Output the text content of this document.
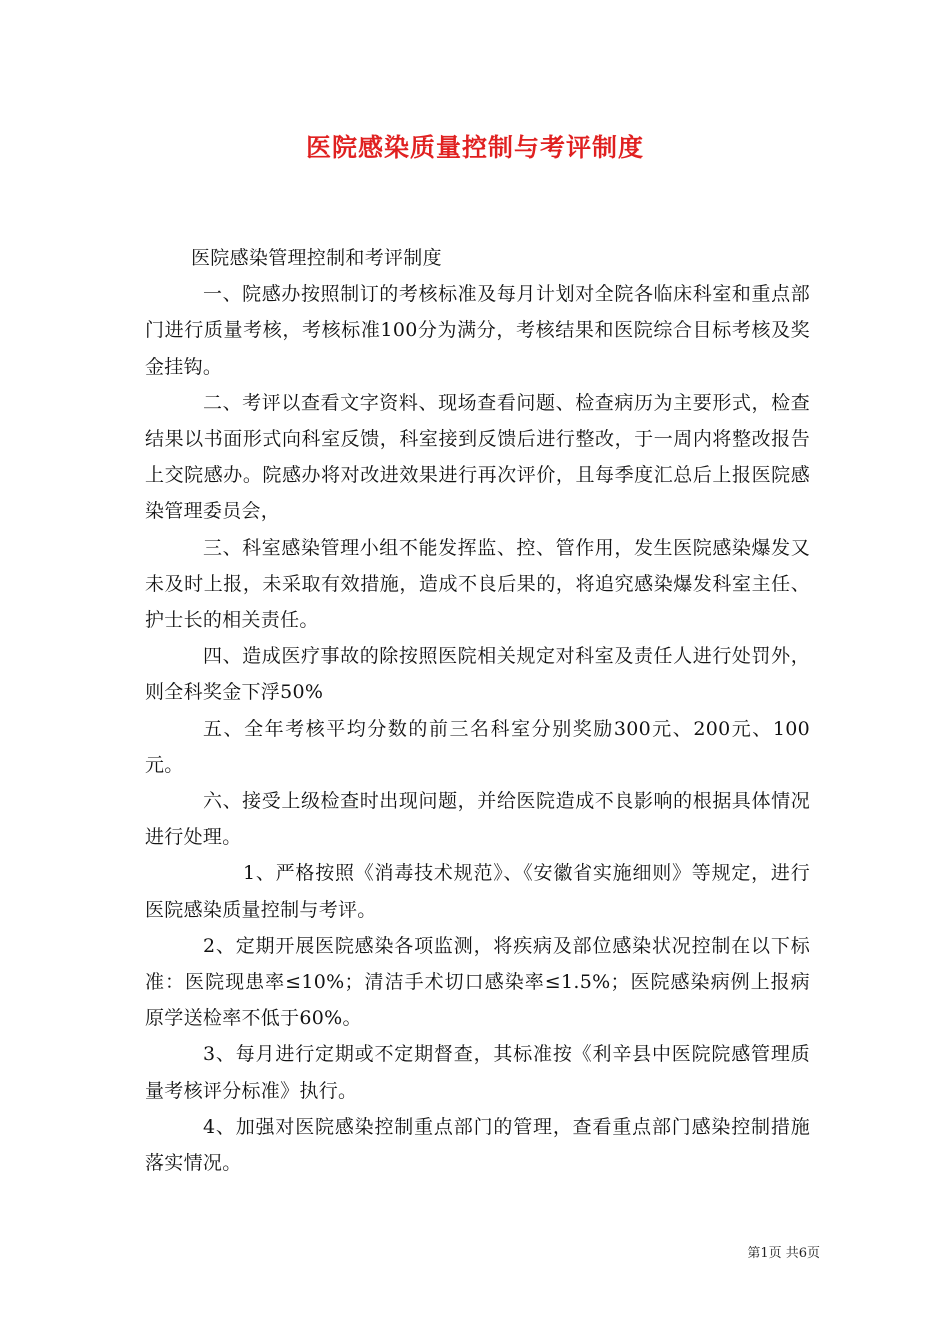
医院感染质量控制与考评制度

医院感染管理控制和考评制度

一、院感办按照制订的考核标准及每月计划对全院各临床科室和重点部门进行质量考核，考核标准100分为满分，考核结果和医院综合目标考核及奖金挂钩。

二、考评以查看文字资料、现场查看问题、检查病历为主要形式，检查结果以书面形式向科室反馈，科室接到反馈后进行整改，于一周内将整改报告上交院感办。院感办将对改进效果进行再次评价，且每季度汇总后上报医院感染管理委员会，

三、科室感染管理小组不能发挥监、控、管作用，发生医院感染爆发又未及时上报，未采取有效措施，造成不良后果的，将追究感染爆发科室主任、护士长的相关责任。

四、造成医疗事故的除按照医院相关规定对科室及责任人进行处罚外，则全科奖金下浮50%

五、全年考核平均分数的前三名科室分别奖励300元、200元、100元。

六、接受上级检查时出现问题，并给医院造成不良影响的根据具体情况进行处理。

1、严格按照《消毒技术规范》、《安徽省实施细则》等规定，进行医院感染质量控制与考评。

2、定期开展医院感染各项监测，将疾病及部位感染状况控制在以下标准：医院现患率≤10%；清洁手术切口感染率≤1.5%；医院感染病例上报病原学送检率不低于60%。

3、每月进行定期或不定期督查，其标准按《利辛县中医院院感管理质量考核评分标准》执行。

4、加强对医院感染控制重点部门的管理，查看重点部门感染控制措施落实情况。

第1页 共6页
